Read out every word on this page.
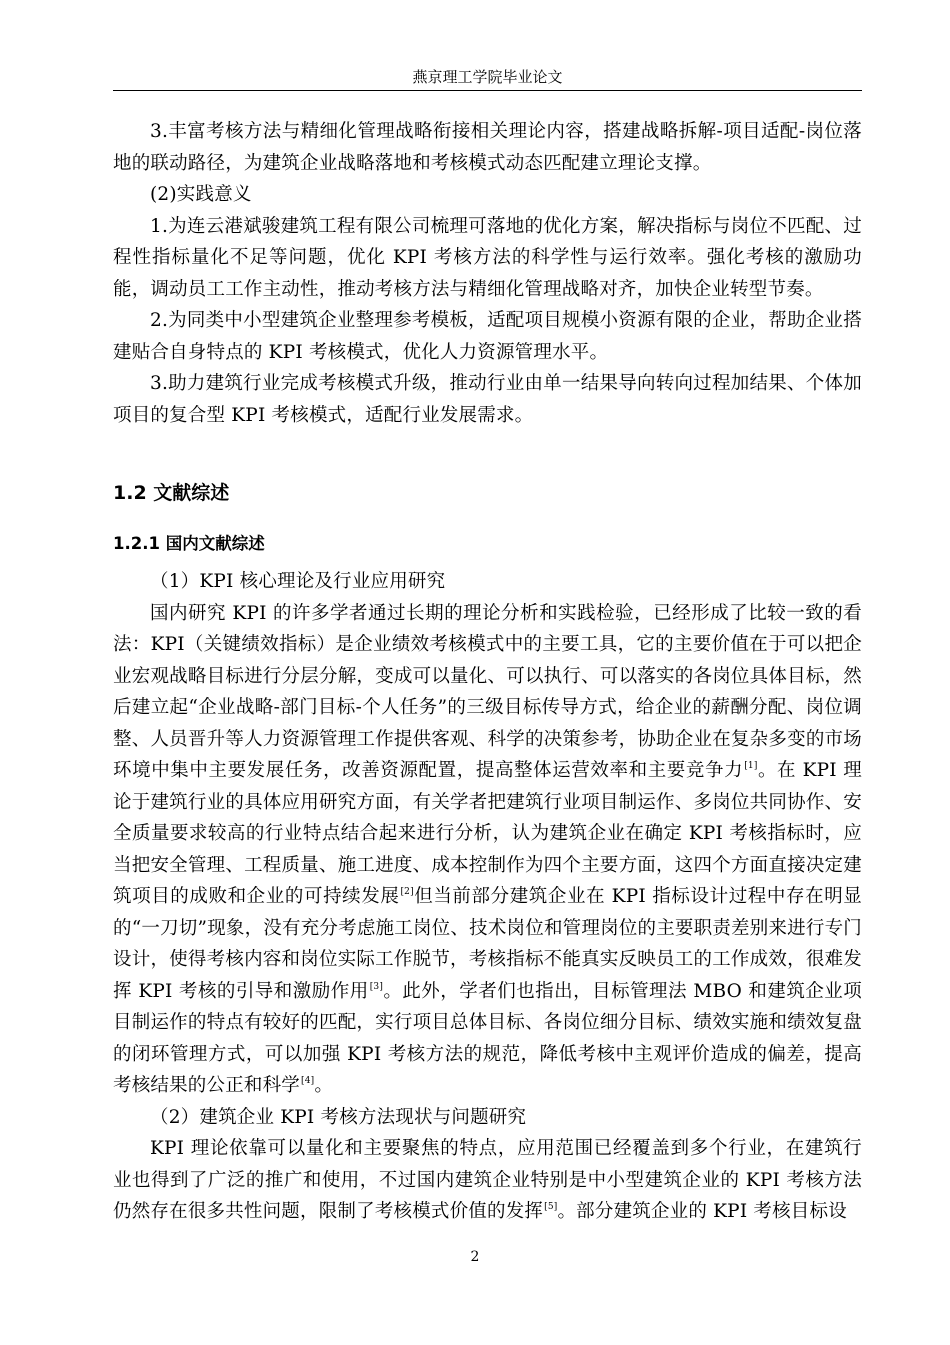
燕京理工学院毕业论文

3.丰富考核方法与精细化管理战略衔接相关理论内容，搭建战略拆解-项目适配-岗位落地的联动路径，为建筑企业战略落地和考核模式动态匹配建立理论支撑。

(2)实践意义

1.为连云港斌骏建筑工程有限公司梳理可落地的优化方案，解决指标与岗位不匹配、过程性指标量化不足等问题，优化 KPI 考核方法的科学性与运行效率。强化考核的激励功能，调动员工工作主动性，推动考核方法与精细化管理战略对齐，加快企业转型节奏。

2.为同类中小型建筑企业整理参考模板，适配项目规模小资源有限的企业，帮助企业搭建贴合自身特点的 KPI 考核模式，优化人力资源管理水平。

3.助力建筑行业完成考核模式升级，推动行业由单一结果导向转向过程加结果、个体加项目的复合型 KPI 考核模式，适配行业发展需求。

1.2 文献综述
1.2.1 国内文献综述

（1）KPI 核心理论及行业应用研究

国内研究 KPI 的许多学者通过长期的理论分析和实践检验，已经形成了比较一致的看法：KPI（关键绩效指标）是企业绩效考核模式中的主要工具，它的主要价值在于可以把企业宏观战略目标进行分层分解，变成可以量化、可以执行、可以落实的各岗位具体目标，然后建立起“企业战略-部门目标-个人任务”的三级目标传导方式，给企业的薪酬分配、岗位调整、人员晋升等人力资源管理工作提供客观、科学的决策参考，协助企业在复杂多变的市场环境中集中主要发展任务，改善资源配置，提高整体运营效率和主要竞争力[1]。在 KPI 理论于建筑行业的具体应用研究方面，有关学者把建筑行业项目制运作、多岗位共同协作、安全质量要求较高的行业特点结合起来进行分析，认为建筑企业在确定 KPI 考核指标时，应当把安全管理、工程质量、施工进度、成本控制作为四个主要方面，这四个方面直接决定建筑项目的成败和企业的可持续发展[2]但当前部分建筑企业在 KPI 指标设计过程中存在明显的“一刀切”现象，没有充分考虑施工岗位、技术岗位和管理岗位的主要职责差别来进行专门设计，使得考核内容和岗位实际工作脱节，考核指标不能真实反映员工的工作成效，很难发挥 KPI 考核的引导和激励作用[3]。此外，学者们也指出，目标管理法 MBO 和建筑企业项目制运作的特点有较好的匹配，实行项目总体目标、各岗位细分目标、绩效实施和绩效复盘的闭环管理方式，可以加强 KPI 考核方法的规范，降低考核中主观评价造成的偏差，提高考核结果的公正和科学[4]。

（2）建筑企业 KPI 考核方法现状与问题研究

KPI 理论依靠可以量化和主要聚焦的特点，应用范围已经覆盖到多个行业，在建筑行业也得到了广泛的推广和使用，不过国内建筑企业特别是中小型建筑企业的 KPI 考核方法仍然存在很多共性问题，限制了考核模式价值的发挥[5]。部分建筑企业的 KPI 考核目标设

2
